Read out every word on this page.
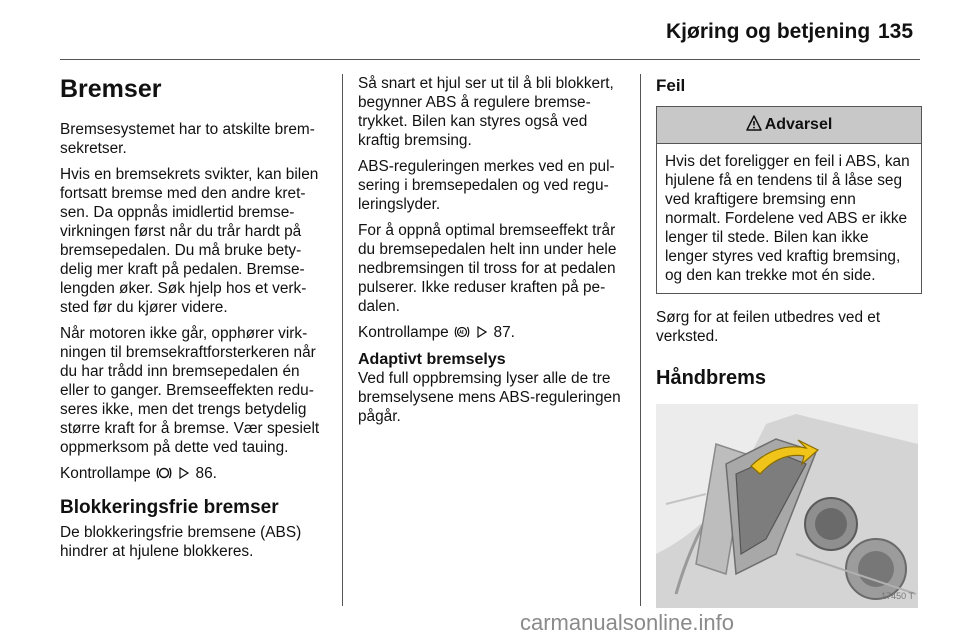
Kjøring og betjening 135
Bremser

Bremsesystemet har to atskilte bremsekretser.

Hvis en bremsekrets svikter, kan bilen fortsatt bremse med den andre kretsen. Da oppnås imidlertid bremsevirkningen først når du trår hardt på bremsepedalen. Du må bruke betydelig mer kraft på pedalen. Bremselengden øker. Søk hjelp hos et verksted før du kjører videre.

Når motoren ikke går, opphører virkningen til bremsekraftforsterkeren når du har trådd inn bremsepedalen én eller to ganger. Bremseeffekten reduseres ikke, men det trengs betydelig større kraft for å bremse. Vær spesielt oppmerksom på dette ved tauing.

Kontrollampe	86.

Blokkeringsfrie bremser

De blokkeringsfrie bremsene (ABS) hindrer at hjulene blokkeres.

Så snart et hjul ser ut til å bli blokkert, begynner ABS å regulere bremsetrykket. Bilen kan styres også ved kraftig bremsing.

ABS-reguleringen merkes ved en pulsering i bremsepedalen og ved reguleringslyder.

For å oppnå optimal bremseeffekt trår du bremsepedalen helt inn under hele nedbremsingen til tross for at pedalen pulserer. Ikke reduser kraften på pedalen.

Kontrollampe	87.

Adaptivt bremselys

Ved full oppbremsing lyser alle de tre bremselysene mens ABS-reguleringen pågår.

Feil
Advarsel
Hvis det foreligger en feil i ABS, kan hjulene få en tendens til å låse seg ved kraftigere bremsing enn normalt. Fordelene ved ABS er ikke lenger til stede. Bilen kan ikke lenger styres ved kraftig bremsing, og den kan trekke mot én side.

Sørg for at feilen utbedres ved et verksted.

Håndbrems
17450 T
carmanualsonline.info
